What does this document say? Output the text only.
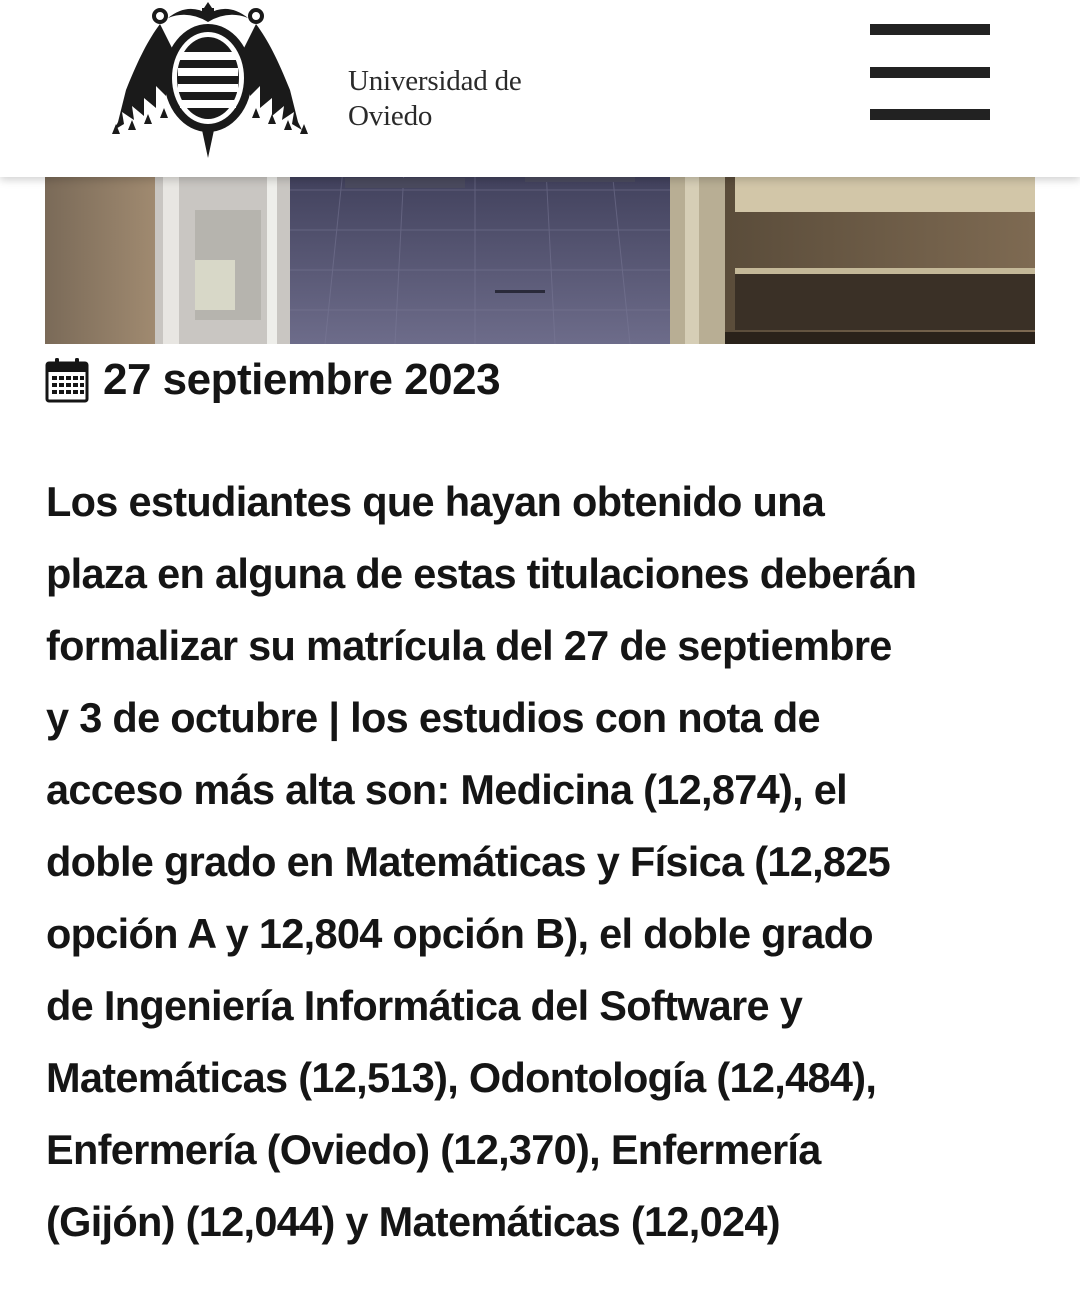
Universidad de
Oviedo
27 septiembre 2023

Los estudiantes que hayan obtenido una
plaza en alguna de estas titulaciones deberán
formalizar su matrícula del 27 de septiembre
y 3 de octubre | los estudios con nota de
acceso más alta son: Medicina (12,874), el
doble grado en Matemáticas y Física (12,825
opción A y 12,804 opción B), el doble grado
de Ingeniería Informática del Software y
Matemáticas (12,513), Odontología (12,484),
Enfermería (Oviedo) (12,370), Enfermería
(Gijón) (12,044) y Matemáticas (12,024)
